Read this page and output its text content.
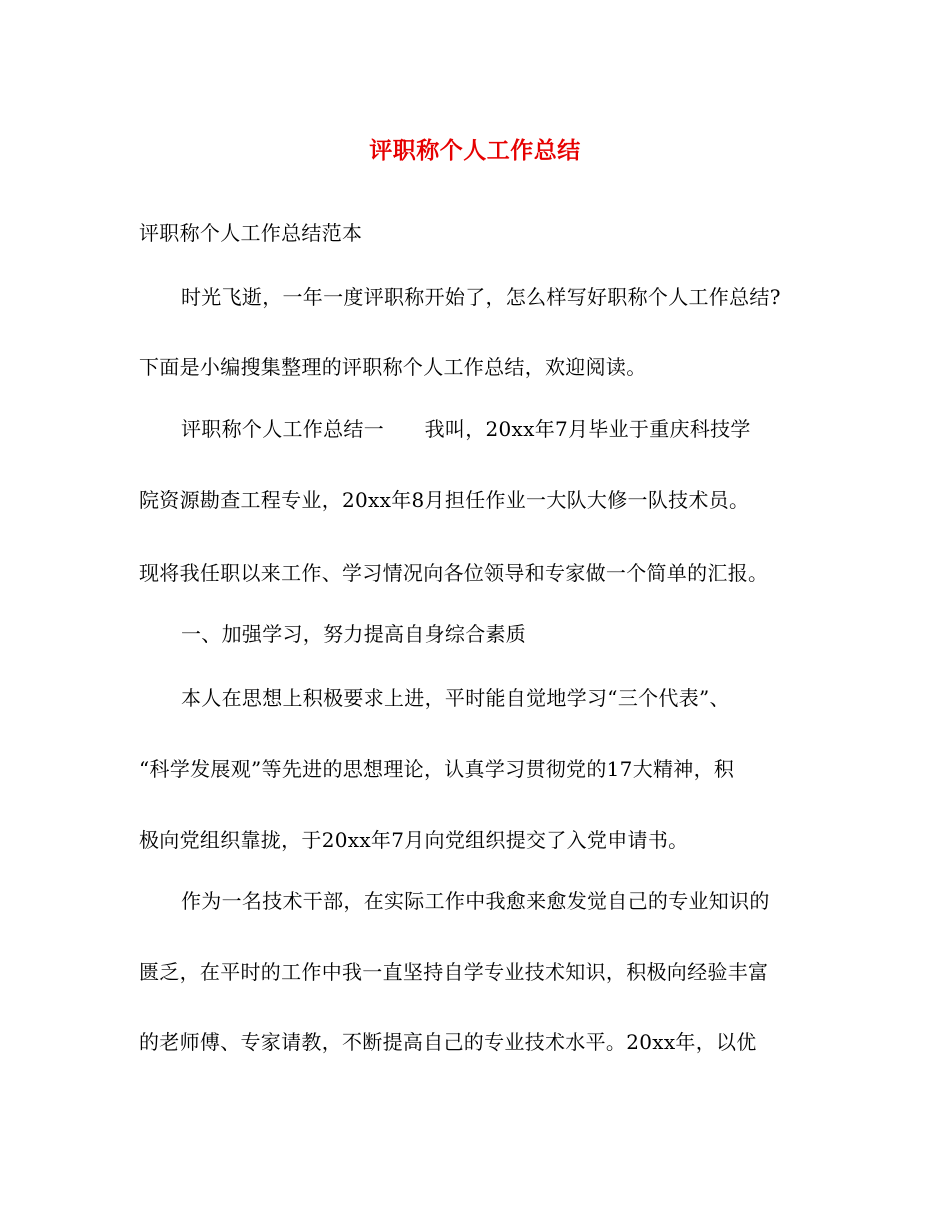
评职称个人工作总结
评职称个人工作总结范本
时光飞逝，一年一度评职称开始了，怎么样写好职称个人工作总结?
下面是小编搜集整理的评职称个人工作总结，欢迎阅读。
评职称个人工作总结一　　我叫，20xx年7月毕业于重庆科技学
院资源勘查工程专业，20xx年8月担任作业一大队大修一队技术员。
现将我任职以来工作、学习情况向各位领导和专家做一个简单的汇报。
一、加强学习，努力提高自身综合素质
本人在思想上积极要求上进，平时能自觉地学习“三个代表”、
“科学发展观”等先进的思想理论，认真学习贯彻党的17大精神，积
极向党组织靠拢，于20xx年7月向党组织提交了入党申请书。
作为一名技术干部，在实际工作中我愈来愈发觉自己的专业知识的
匮乏，在平时的工作中我一直坚持自学专业技术知识，积极向经验丰富
的老师傅、专家请教，不断提高自己的专业技术水平。20xx年，以优
